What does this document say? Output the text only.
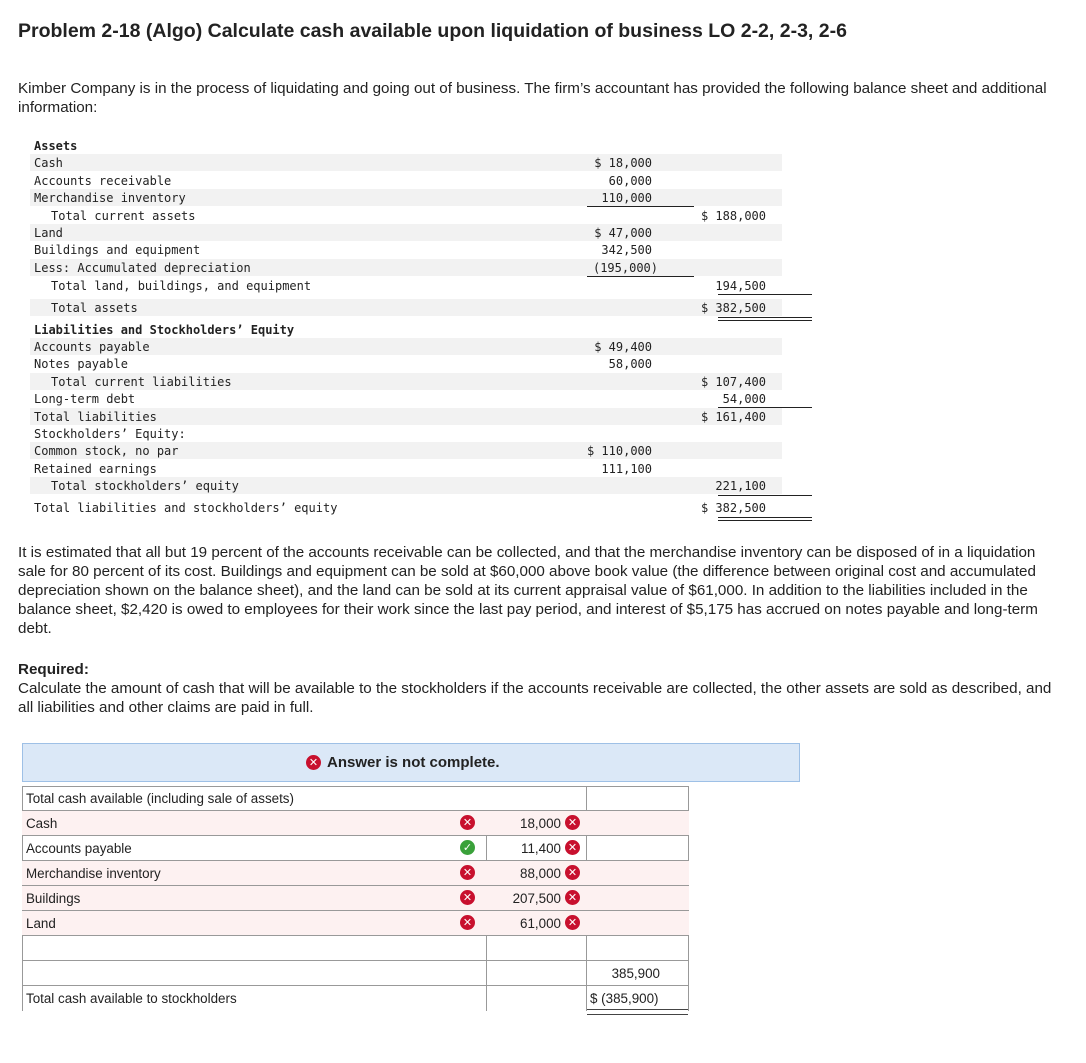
Problem 2-18 (Algo) Calculate cash available upon liquidation of business LO 2-2, 2-3, 2-6
Kimber Company is in the process of liquidating and going out of business. The firm’s accountant has provided the following balance sheet and additional information:
Assets
Cash	$ 18,000
Accounts receivable	60,000
Merchandise inventory	110,000
Total current assets	$ 188,000
Land	$ 47,000
Buildings and equipment	342,500
Less: Accumulated depreciation	(195,000)
Total land, buildings, and equipment	194,500
Total assets	$ 382,500
Liabilities and Stockholders’ Equity
Accounts payable	$ 49,400
Notes payable	58,000
Total current liabilities	$ 107,400
Long-term debt	54,000
Total liabilities	$ 161,400
Stockholders’ Equity:
Common stock, no par	$ 110,000
Retained earnings	111,100
Total stockholders’ equity	221,100
Total liabilities and stockholders’ equity	$ 382,500
It is estimated that all but 19 percent of the accounts receivable can be collected, and that the merchandise inventory can be disposed of in a liquidation sale for 80 percent of its cost. Buildings and equipment can be sold at $60,000 above book value (the difference between original cost and accumulated depreciation shown on the balance sheet), and the land can be sold at its current appraisal value of $61,000. In addition to the liabilities included in the balance sheet, $2,420 is owed to employees for their work since the last pay period, and interest of $5,175 has accrued on notes payable and long-term debt.
Required:
Calculate the amount of cash that will be available to the stockholders if the accounts receivable are collected, the other assets are sold as described, and all liabilities and other claims are paid in full.
✕ Answer is not complete.
Total cash available (including sale of assets)
Cash	✕	18,000 ✕
Accounts payable	✓	11,400 ✕
Merchandise inventory	✕	88,000 ✕
Buildings	✕	207,500 ✕
Land	✕	61,000 ✕
385,900
Total cash available to stockholders	$ (385,900)
